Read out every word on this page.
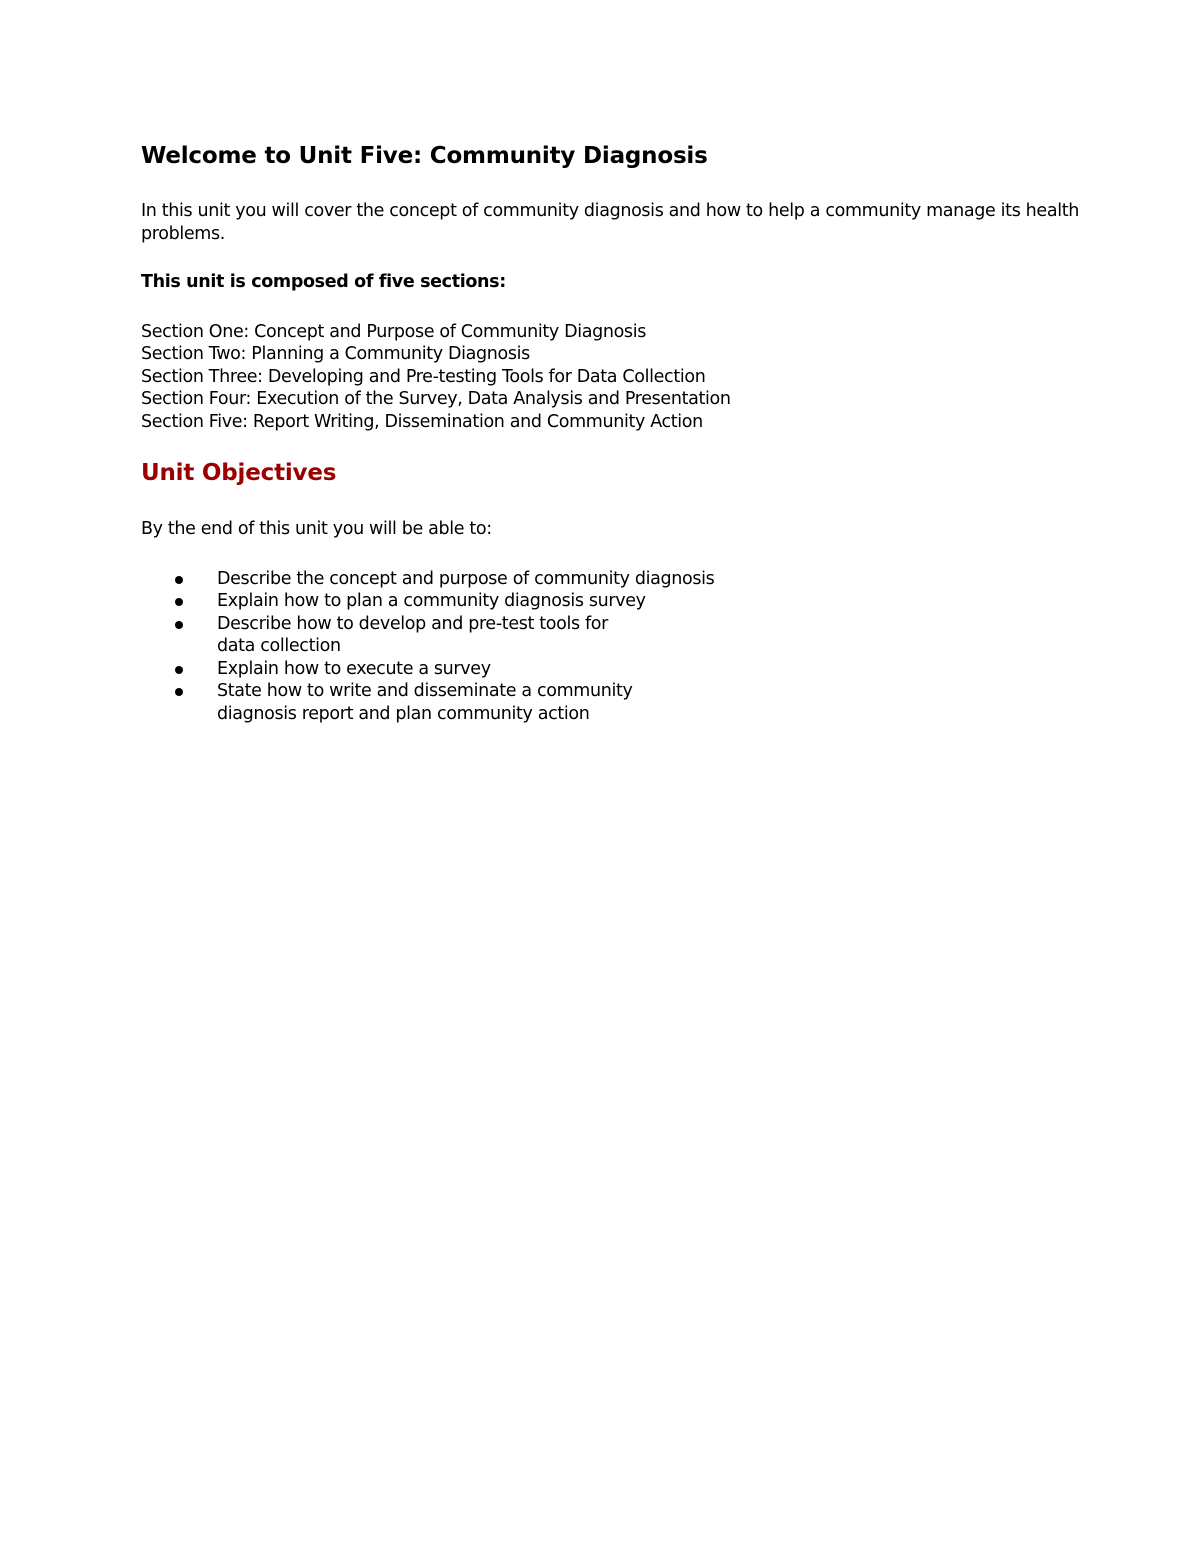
Welcome to Unit Five: Community Diagnosis

In this unit you will cover the concept of community diagnosis and how to help a community manage its health problems.

This unit is composed of five sections:

Section One: Concept and Purpose of Community Diagnosis
Section Two: Planning a Community Diagnosis
Section Three: Developing and Pre-testing Tools for Data Collection
Section Four: Execution of the Survey, Data Analysis and Presentation
Section Five: Report Writing, Dissemination and Community Action
Unit Objectives

By the end of this unit you will be able to:

Describe the concept and purpose of community diagnosis
Explain how to plan a community diagnosis survey
Describe how to develop and pre-test tools for data collection
Explain how to execute a survey
State how to write and disseminate a community diagnosis report and plan community action
